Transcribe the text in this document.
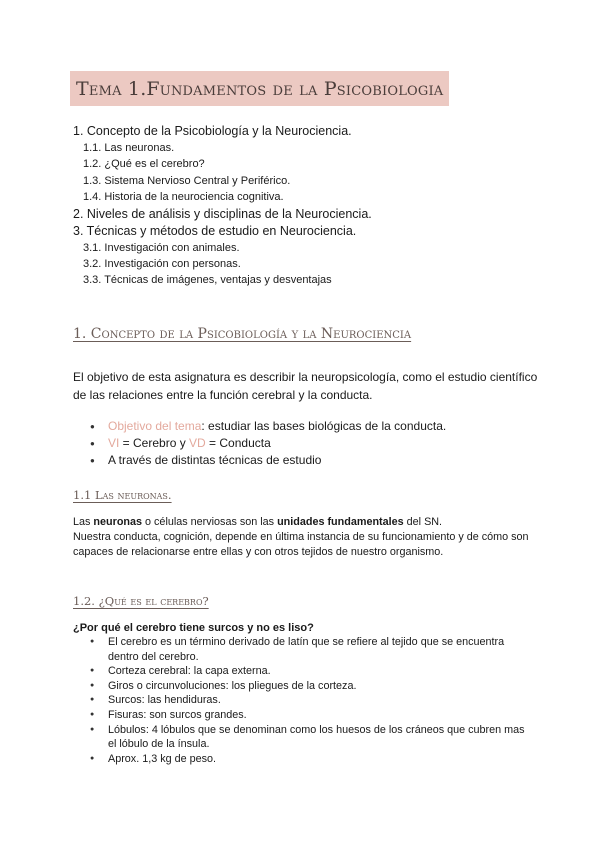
Tema 1.Fundamentos de la Psicobiologia
1. Concepto de la Psicobiología y la Neurociencia.
1.1. Las neuronas.
1.2. ¿Qué es el cerebro?
1.3. Sistema Nervioso Central y Periférico.
1.4. Historia de la neurociencia cognitiva.
2. Niveles de análisis y disciplinas de la Neurociencia.
3. Técnicas y métodos de estudio en Neurociencia.
3.1. Investigación con animales.
3.2. Investigación con personas.
3.3. Técnicas de imágenes, ventajas y desventajas
1. Concepto de la Psicobiología y la Neurociencia
El objetivo de esta asignatura es describir la neuropsicología, como el estudio científico de las relaciones entre la función cerebral y la conducta.
● Objetivo del tema: estudiar las bases biológicas de la conducta.
● VI = Cerebro y VD = Conducta
● A través de distintas técnicas de estudio
1.1 Las neuronas.
Las neuronas o células nerviosas son las unidades fundamentales del SN.
Nuestra conducta, cognición, depende en última instancia de su funcionamiento y de cómo son capaces de relacionarse entre ellas y con otros tejidos de nuestro organismo.
1.2. ¿Qué es el cerebro?
¿Por qué el cerebro tiene surcos y no es liso?
● El cerebro es un término derivado de latín que se refiere al tejido que se encuentra dentro del cerebro.
● Corteza cerebral: la capa externa.
● Giros o circunvoluciones: los pliegues de la corteza.
● Surcos: las hendiduras.
● Fisuras: son surcos grandes.
● Lóbulos: 4 lóbulos que se denominan como los huesos de los cráneos que cubren mas el lóbulo de la ínsula.
● Aprox. 1,3 kg de peso.
